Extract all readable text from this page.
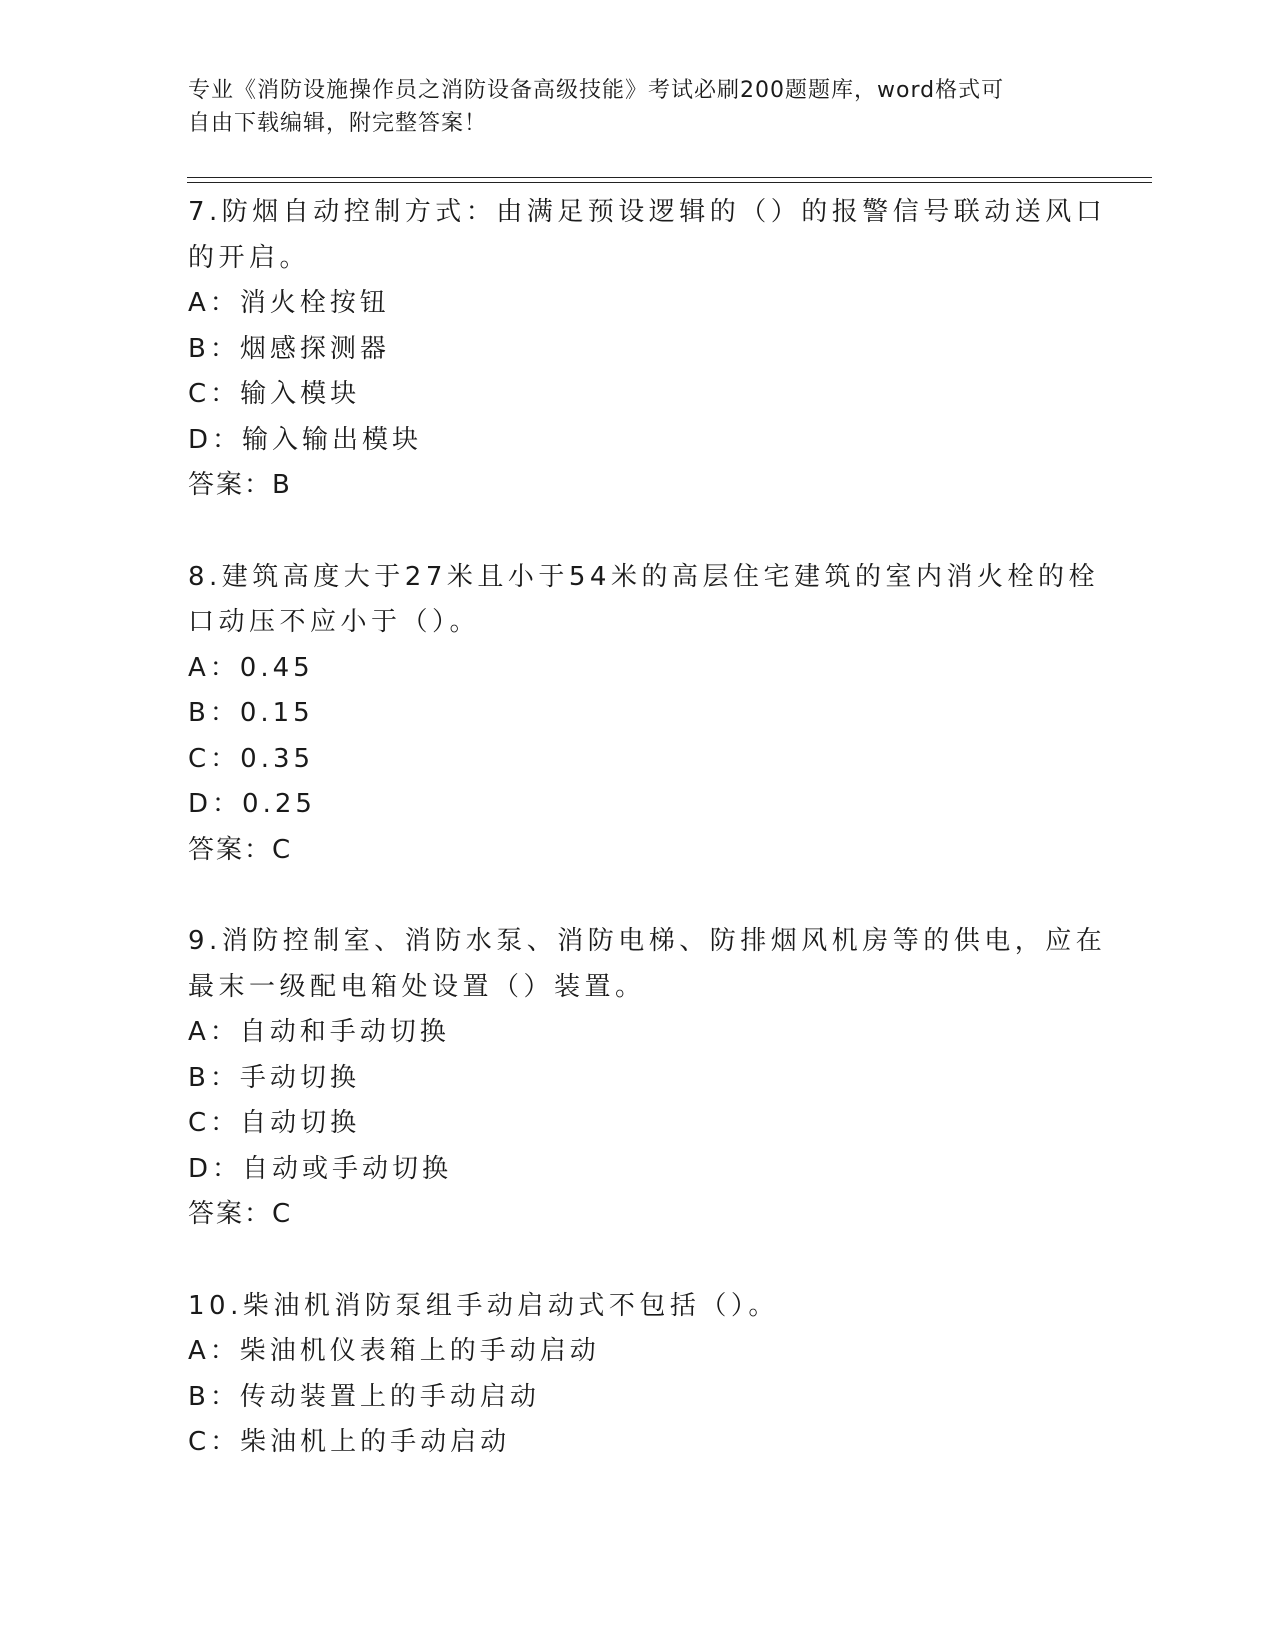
专业《消防设施操作员之消防设备高级技能》考试必刷200题题库，word格式可
自由下载编辑，附完整答案！
7.防烟自动控制方式：由满足预设逻辑的（）的报警信号联动送风口
的开启。
A：消火栓按钮
B：烟感探测器
C：输入模块
D：输入输出模块
答案：B
8.建筑高度大于27米且小于54米的高层住宅建筑的室内消火栓的栓
口动压不应小于（）。
A：0.45
B：0.15
C：0.35
D：0.25
答案：C
9.消防控制室、消防水泵、消防电梯、防排烟风机房等的供电，应在
最末一级配电箱处设置（）装置。
A：自动和手动切换
B：手动切换
C：自动切换
D：自动或手动切换
答案：C
10.柴油机消防泵组手动启动式不包括（）。
A：柴油机仪表箱上的手动启动
B：传动装置上的手动启动
C：柴油机上的手动启动
